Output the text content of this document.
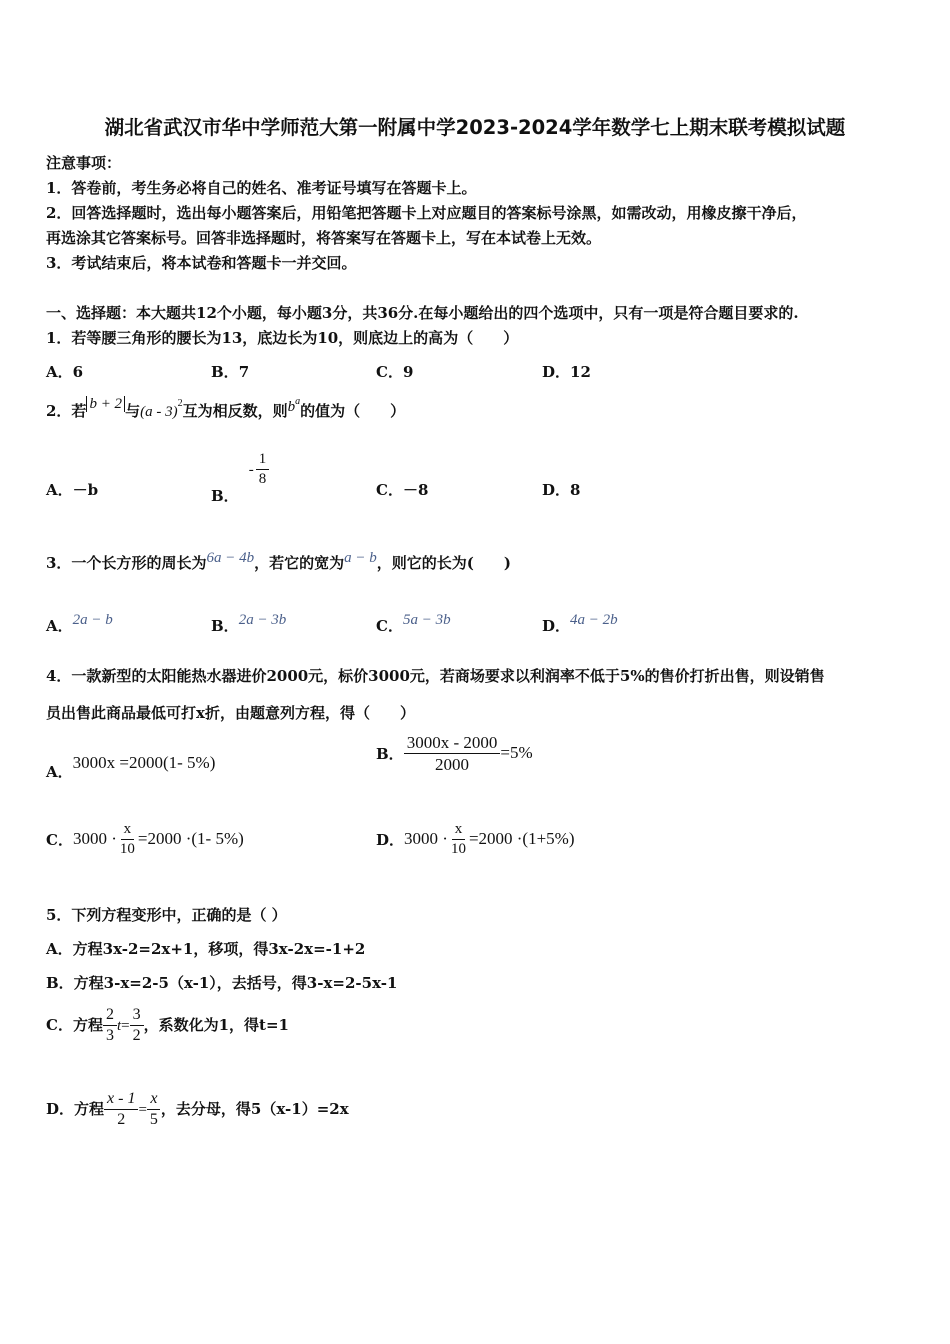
湖北省武汉市华中学师范大第一附属中学2023-2024学年数学七上期末联考模拟试题
注意事项：
1．答卷前，考生务必将自己的姓名、准考证号填写在答题卡上。
2．回答选择题时，选出每小题答案后，用铅笔把答题卡上对应题目的答案标号涂黑，如需改动，用橡皮擦干净后，
再选涂其它答案标号。回答非选择题时，将答案写在答题卡上，写在本试卷上无效。
3．考试结束后，将本试卷和答题卡一并交回。
一、选择题：本大题共12个小题，每小题3分，共36分.在每小题给出的四个选项中，只有一项是符合题目要求的.
1．若等腰三角形的腰长为13，底边长为10，则底边上的高为（　　）
A．6	B．7	C．9	D．12
2．若 b + 2 与(a - 3)$^2$互为相反数，则$b^a$的值为（　　）
A．－b	B．- $\frac{1}{8}$
C．－8	D．8
3．一个长方形的周长为6a − 4b，若它的宽为a − b，则它的长为(　　)
A．2a − b	B．2a − 3b	C．5a − 3b	D．4a − 2b
4．一款新型的太阳能热水器进价2000元，标价3000元，若商场要求以利润率不低于5%的售价打折出售，则设销售
员出售此商品最低可打x折，由题意列方程，得（　　）
A．3000x =2000(1- 5%)	B． $\frac{3000x - 2000}{2000} =5\%$
C．$3000 \cdot \frac{x}{10} =2000 \cdot(1-$ 5%)	D．$3000 \cdot \frac{x}{10} =2000 \cdot(1+5\%)$
5．下列方程变形中，正确的是（ ）
A．方程3x-2=2x+1，移项，得3x-2x=-1+2
B．方程3-x=2-5（x-1），去括号，得3-x=2-5x-1
C．方程 $\frac{2}{3} t= \frac{3}{2}$ ，系数化为1，得t=1
D．方程 $\frac{x - 1}{2} = \frac{x}{5}$ ，去分母，得5（x-1）=2x
